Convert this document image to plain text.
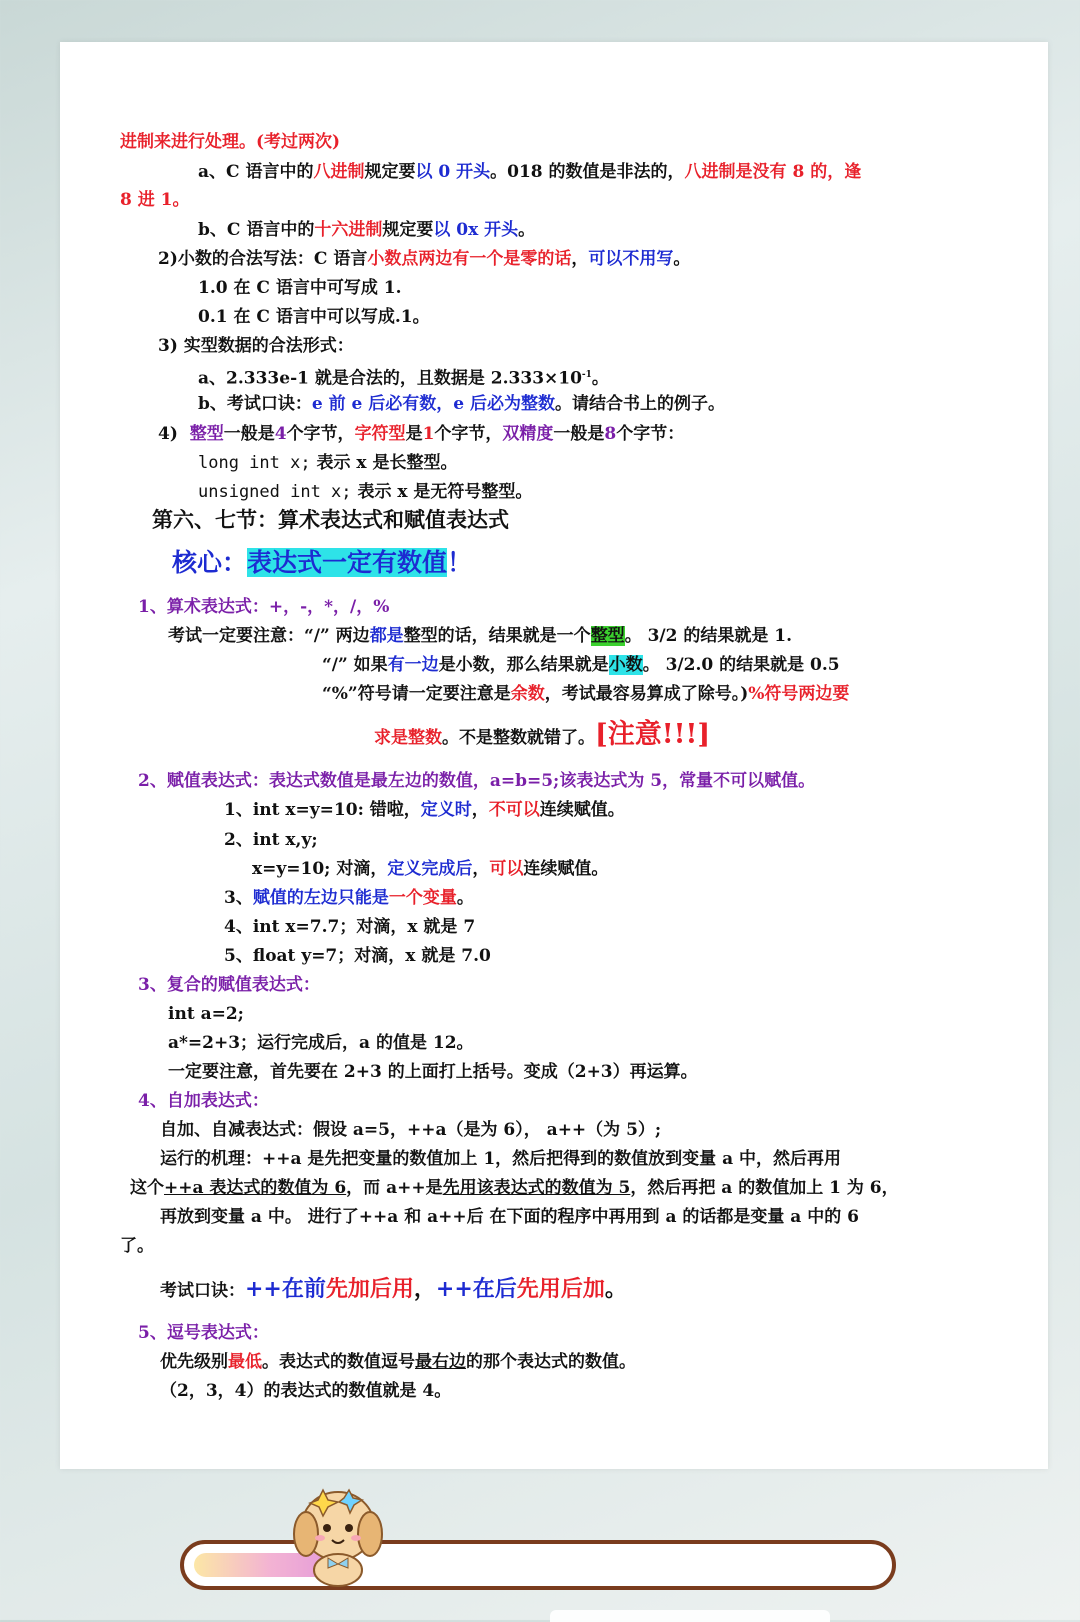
进制来进行处理。(考过两次)
a、C 语言中的八进制规定要以 0 开头。018 的数值是非法的，八进制是没有 8 的，逢
8 进 1。
b、C 语言中的十六进制规定要以 0x 开头。
2)小数的合法写法：C 语言小数点两边有一个是零的话，可以不用写。
1.0 在 C 语言中可写成 1.
0.1 在 C 语言中可以写成.1。
3) 实型数据的合法形式：
a、2.333e-1 就是合法的，且数据是 $2.333\times 10^{-1}$。
b、考试口诀：e 前 e 后必有数，e 后必为整数。请结合书上的例子。
4) 整型一般是4个字节，字符型是1个字节，双精度一般是8个字节：
long int x; 表示 x 是长整型。
unsigned int x; 表示 x 是无符号整型。
第六、七节：算术表达式和赋值表达式
核心：表达式一定有数值！
1、算术表达式：+，-，*，/，%
考试一定要注意：“/” 两边都是整型的话，结果就是一个整型。 3/2 的结果就是 1.
“/” 如果有一边是小数，那么结果就是小数。 3/2.0 的结果就是 0.5
“%”符号请一定要注意是余数，考试最容易算成了除号。)%符号两边要
求是整数。不是整数就错了。[注意!!!]
2、赋值表达式：表达式数值是最左边的数值，a=b=5;该表达式为 5，常量不可以赋值。
1、int x=y=10: 错啦，定义时，不可以连续赋值。
2、int x,y;
x=y=10; 对滴，定义完成后，可以连续赋值。
3、赋值的左边只能是一个变量。
4、int x=7.7；对滴，x 就是 7
5、float y=7；对滴，x 就是 7.0
3、复合的赋值表达式：
int a=2;
a*=2+3；运行完成后，a 的值是 12。
一定要注意，首先要在 2+3 的上面打上括号。变成（2+3）再运算。
4、自加表达式：
自加、自减表达式：假设 a=5，++a（是为 6）， a++（为 5）;
运行的机理：++a 是先把变量的数值加上 1，然后把得到的数值放到变量 a 中，然后再用
这个++a 表达式的数值为 6，而 a++是先用该表达式的数值为 5，然后再把 a 的数值加上 1 为 6，
再放到变量 a 中。 进行了++a 和 a++后 在下面的程序中再用到 a 的话都是变量 a 中的 6
了。
考试口诀：++在前先加后用，++在后先用后加。
5、逗号表达式：
优先级别最低。表达式的数值逗号最右边的那个表达式的数值。
（2，3，4）的表达式的数值就是 4。
